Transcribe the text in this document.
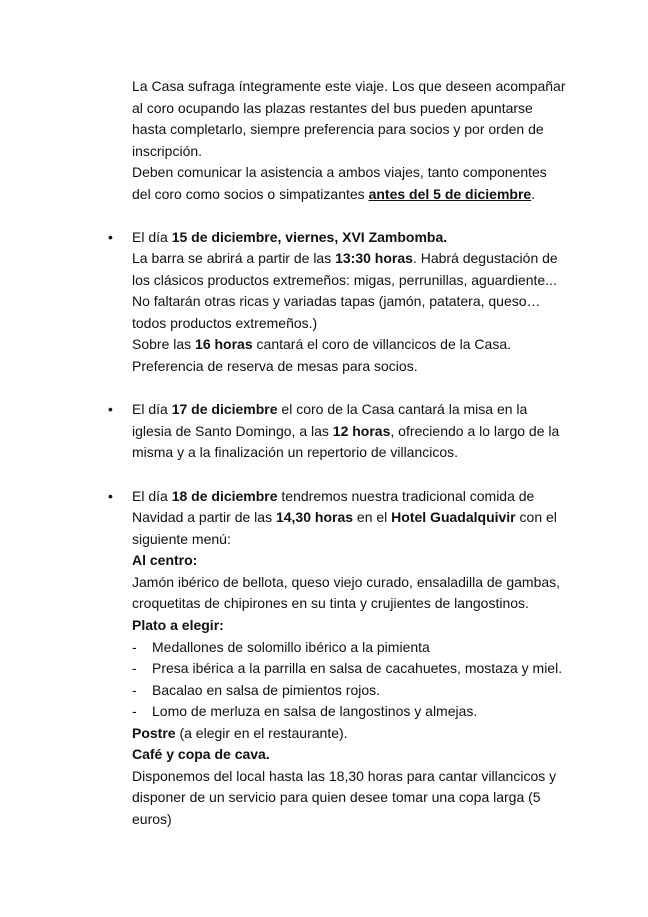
La Casa sufraga íntegramente este viaje. Los que deseen acompañar
al coro ocupando las plazas restantes del bus pueden apuntarse
hasta completarlo, siempre preferencia para socios y por orden de
inscripción.
Deben comunicar la asistencia a ambos viajes, tanto componentes
del coro como socios o simpatizantes antes del 5 de diciembre.
• El día 15 de diciembre, viernes, XVI Zambomba.
La barra se abrirá a partir de las 13:30 horas. Habrá degustación de
los clásicos productos extremeños: migas, perrunillas, aguardiente...
No faltarán otras ricas y variadas tapas (jamón, patatera, queso…
todos productos extremeños.)
Sobre las 16 horas cantará el coro de villancicos de la Casa.
Preferencia de reserva de mesas para socios.
• El día 17 de diciembre el coro de la Casa cantará la misa en la
iglesia de Santo Domingo, a las 12 horas, ofreciendo a lo largo de la
misma y a la finalización un repertorio de villancicos.
• El día 18 de diciembre tendremos nuestra tradicional comida de
Navidad a partir de las 14,30 horas en el Hotel Guadalquivir con el
siguiente menú:
Al centro:
Jamón ibérico de bellota, queso viejo curado, ensaladilla de gambas,
croquetitas de chipirones en su tinta y crujientes de langostinos.
Plato a elegir:
- Medallones de solomillo ibérico a la pimienta
- Presa ibérica a la parrilla en salsa de cacahuetes, mostaza y miel.
- Bacalao en salsa de pimientos rojos.
- Lomo de merluza en salsa de langostinos y almejas.
Postre (a elegir en el restaurante).
Café y copa de cava.
Disponemos del local hasta las 18,30 horas para cantar villancicos y
disponer de un servicio para quien desee tomar una copa larga (5
euros)
